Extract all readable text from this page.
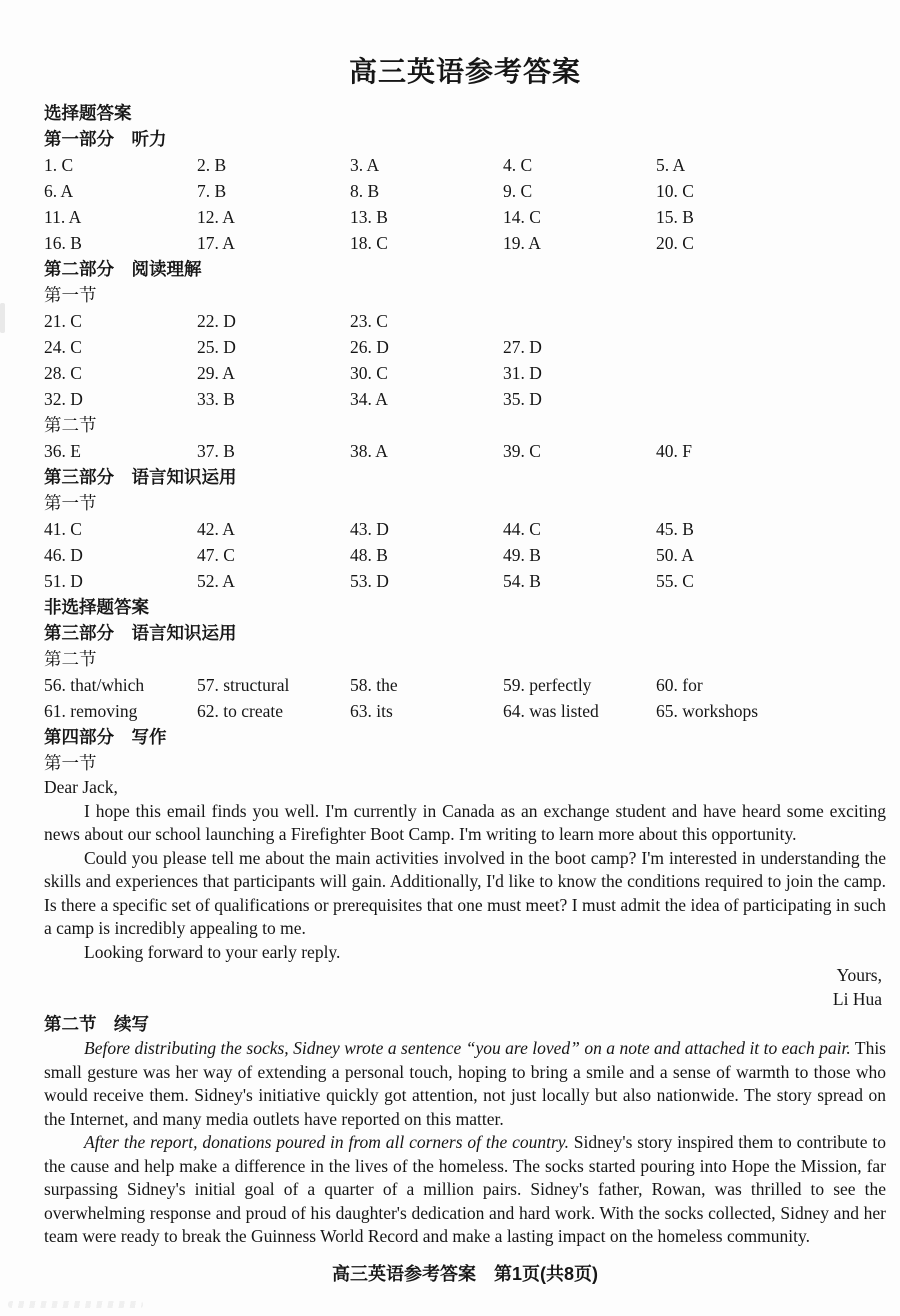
高三英语参考答案
选择题答案
第一部分　听力
1. C	2. B	3. A	4. C	5. A
6. A	7. B	8. B	9. C	10. C
11. A	12. A	13. B	14. C	15. B
16. B	17. A	18. C	19. A	20. C
第二部分　阅读理解
第一节
21. C	22. D	23. C
24. C	25. D	26. D	27. D
28. C	29. A	30. C	31. D
32. D	33. B	34. A	35. D
第二节
36. E	37. B	38. A	39. C	40. F
第三部分　语言知识运用
第一节
41. C	42. A	43. D	44. C	45. B
46. D	47. C	48. B	49. B	50. A
51. D	52. A	53. D	54. B	55. C
非选择题答案
第三部分　语言知识运用
第二节
56. that/which	57. structural	58. the	59. perfectly	60. for
61. removing	62. to create	63. its	64. was listed	65. workshops
第四部分　写作
第一节

Dear Jack,

I hope this email finds you well. I'm currently in Canada as an exchange student and have heard some exciting news about our school launching a Firefighter Boot Camp. I'm writing to learn more about this opportunity.

Could you please tell me about the main activities involved in the boot camp? I'm interested in understanding the skills and experiences that participants will gain. Additionally, I'd like to know the conditions required to join the camp. Is there a specific set of qualifications or prerequisites that one must meet? I must admit the idea of participating in such a camp is incredibly appealing to me.

Looking forward to your early reply.

Yours,

Li Hua

第二节　续写

Before distributing the socks, Sidney wrote a sentence “you are loved” on a note and attached it to each pair. This small gesture was her way of extending a personal touch, hoping to bring a smile and a sense of warmth to those who would receive them. Sidney's initiative quickly got attention, not just locally but also nationwide. The story spread on the Internet, and many media outlets have reported on this matter.

After the report, donations poured in from all corners of the country. Sidney's story inspired them to contribute to the cause and help make a difference in the lives of the homeless. The socks started pouring into Hope the Mission, far surpassing Sidney's initial goal of a quarter of a million pairs. Sidney's father, Rowan, was thrilled to see the overwhelming response and proud of his daughter's dedication and hard work. With the socks collected, Sidney and her team were ready to break the Guinness World Record and make a lasting impact on the homeless community.

高三英语参考答案　第1页(共8页)
